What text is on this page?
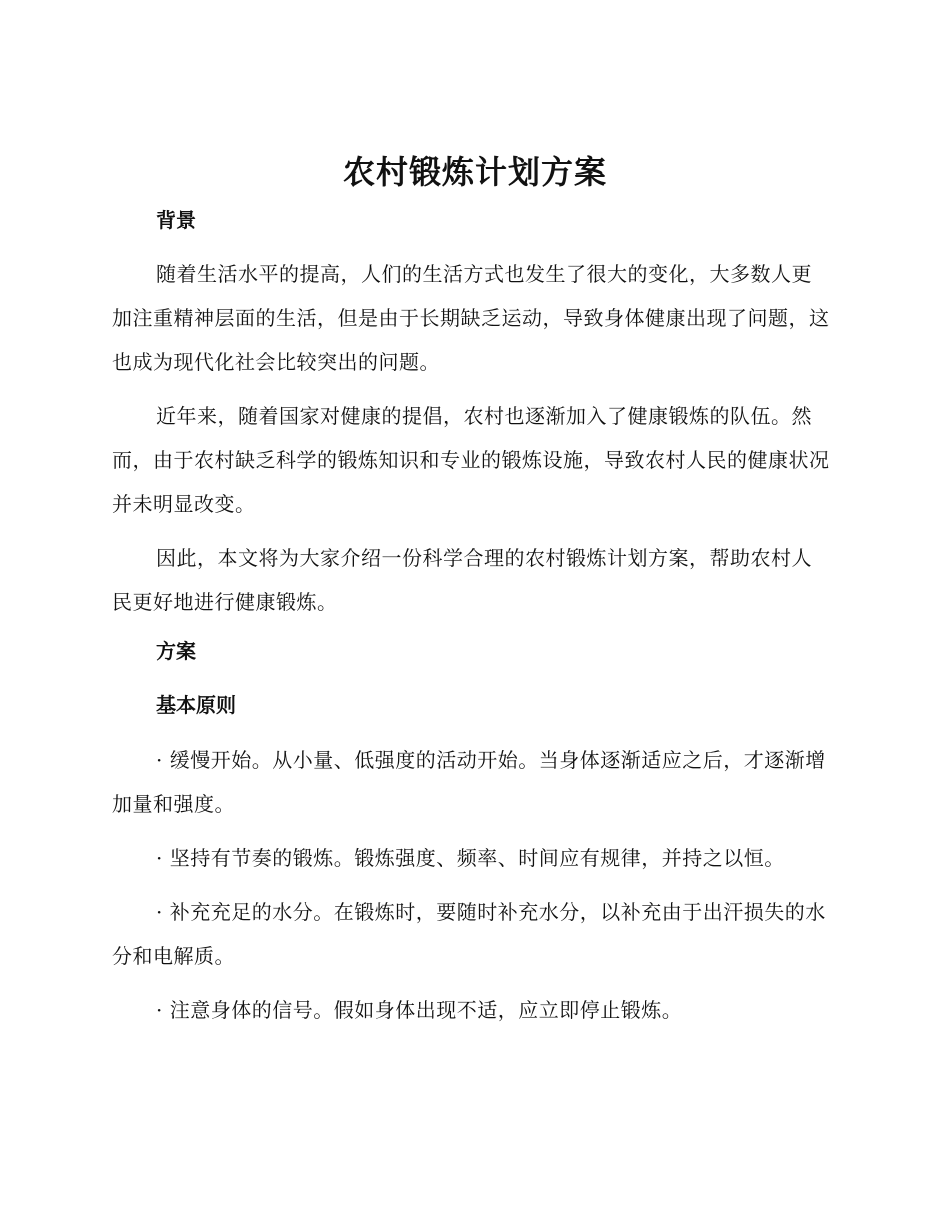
农村锻炼计划方案
背景

随着生活水平的提高，人们的生活方式也发生了很大的变化，大多数人更加注重精神层面的生活，但是由于长期缺乏运动，导致身体健康出现了问题，这也成为现代化社会比较突出的问题。

近年来，随着国家对健康的提倡，农村也逐渐加入了健康锻炼的队伍。然而，由于农村缺乏科学的锻炼知识和专业的锻炼设施，导致农村人民的健康状况并未明显改变。

因此，本文将为大家介绍一份科学合理的农村锻炼计划方案，帮助农村人民更好地进行健康锻炼。

方案
基本原则

· 缓慢开始。从小量、低强度的活动开始。当身体逐渐适应之后，才逐渐增加量和强度。

· 坚持有节奏的锻炼。锻炼强度、频率、时间应有规律，并持之以恒。

· 补充充足的水分。在锻炼时，要随时补充水分，以补充由于出汗损失的水分和电解质。

· 注意身体的信号。假如身体出现不适，应立即停止锻炼。
